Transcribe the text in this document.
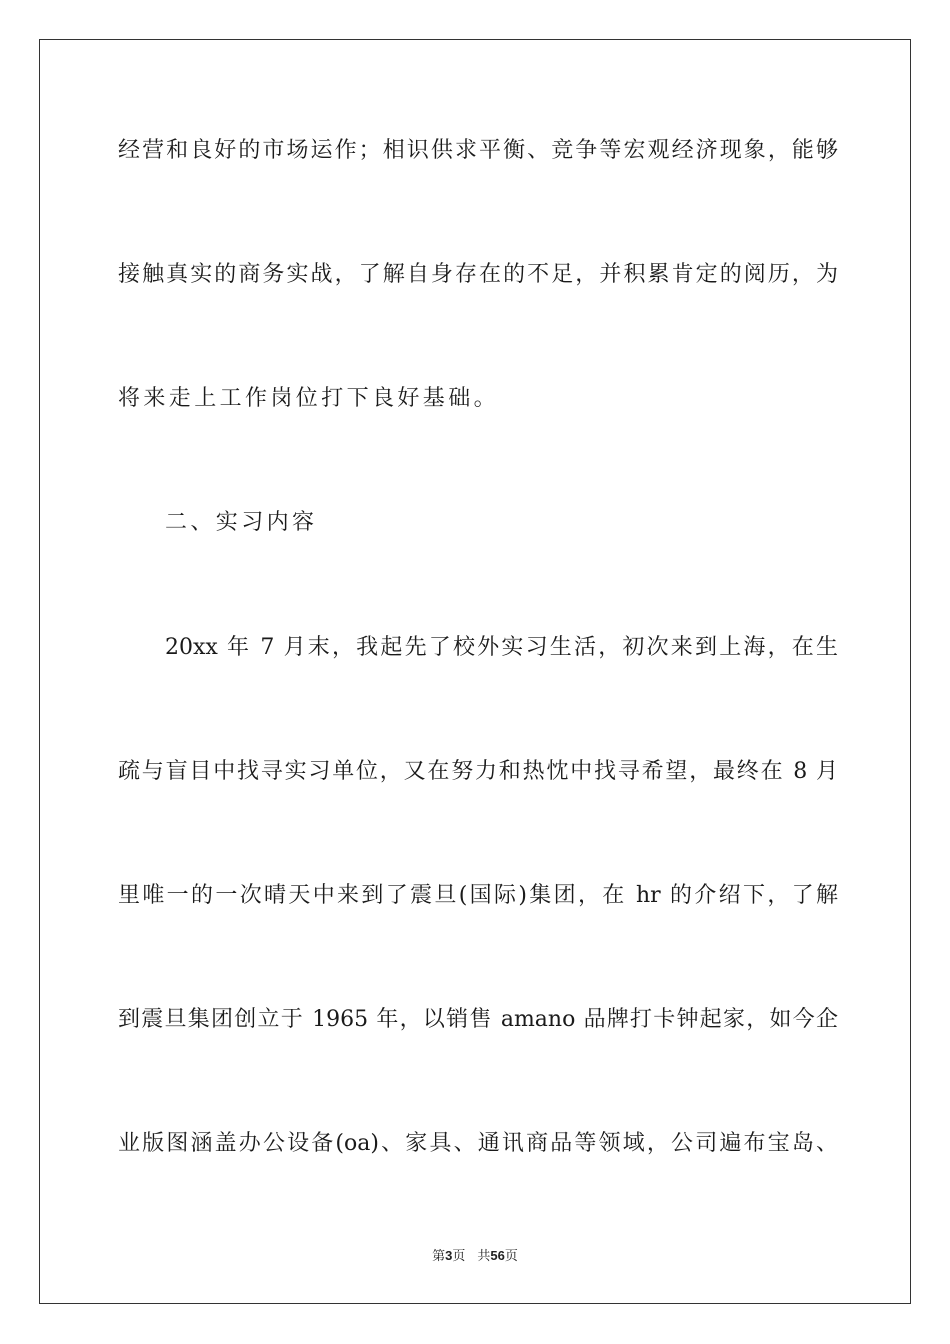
经营和良好的市场运作；相识供求平衡、竞争等宏观经济现象，能够
接触真实的商务实战，了解自身存在的不足，并积累肯定的阅历，为
将来走上工作岗位打下良好基础。
二、实习内容
20xx 年 7 月末，我起先了校外实习生活，初次来到上海，在生
疏与盲目中找寻实习单位，又在努力和热忱中找寻希望，最终在 8 月
里唯一的一次晴天中来到了震旦(国际)集团，在 hr 的介绍下，了解
到震旦集团创立于 1965 年，以销售 amano 品牌打卡钟起家，如今企
业版图涵盖办公设备(oa)、家具、通讯商品等领域，公司遍布宝岛、
第3页 共56页
